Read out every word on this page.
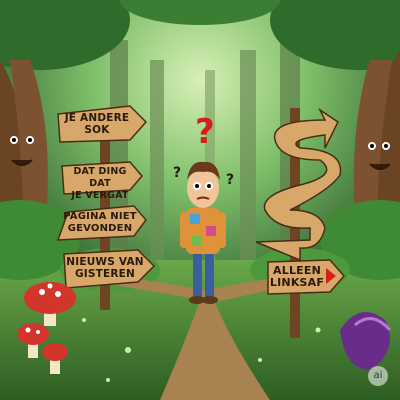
?
?	?
JE ANDERE
SOK
DAT DING DAT
JE VERGAT
PAGINA NIET
GEVONDEN
NIEUWS VAN
GISTEREN	ALLEEN
LINKSAF
ai
